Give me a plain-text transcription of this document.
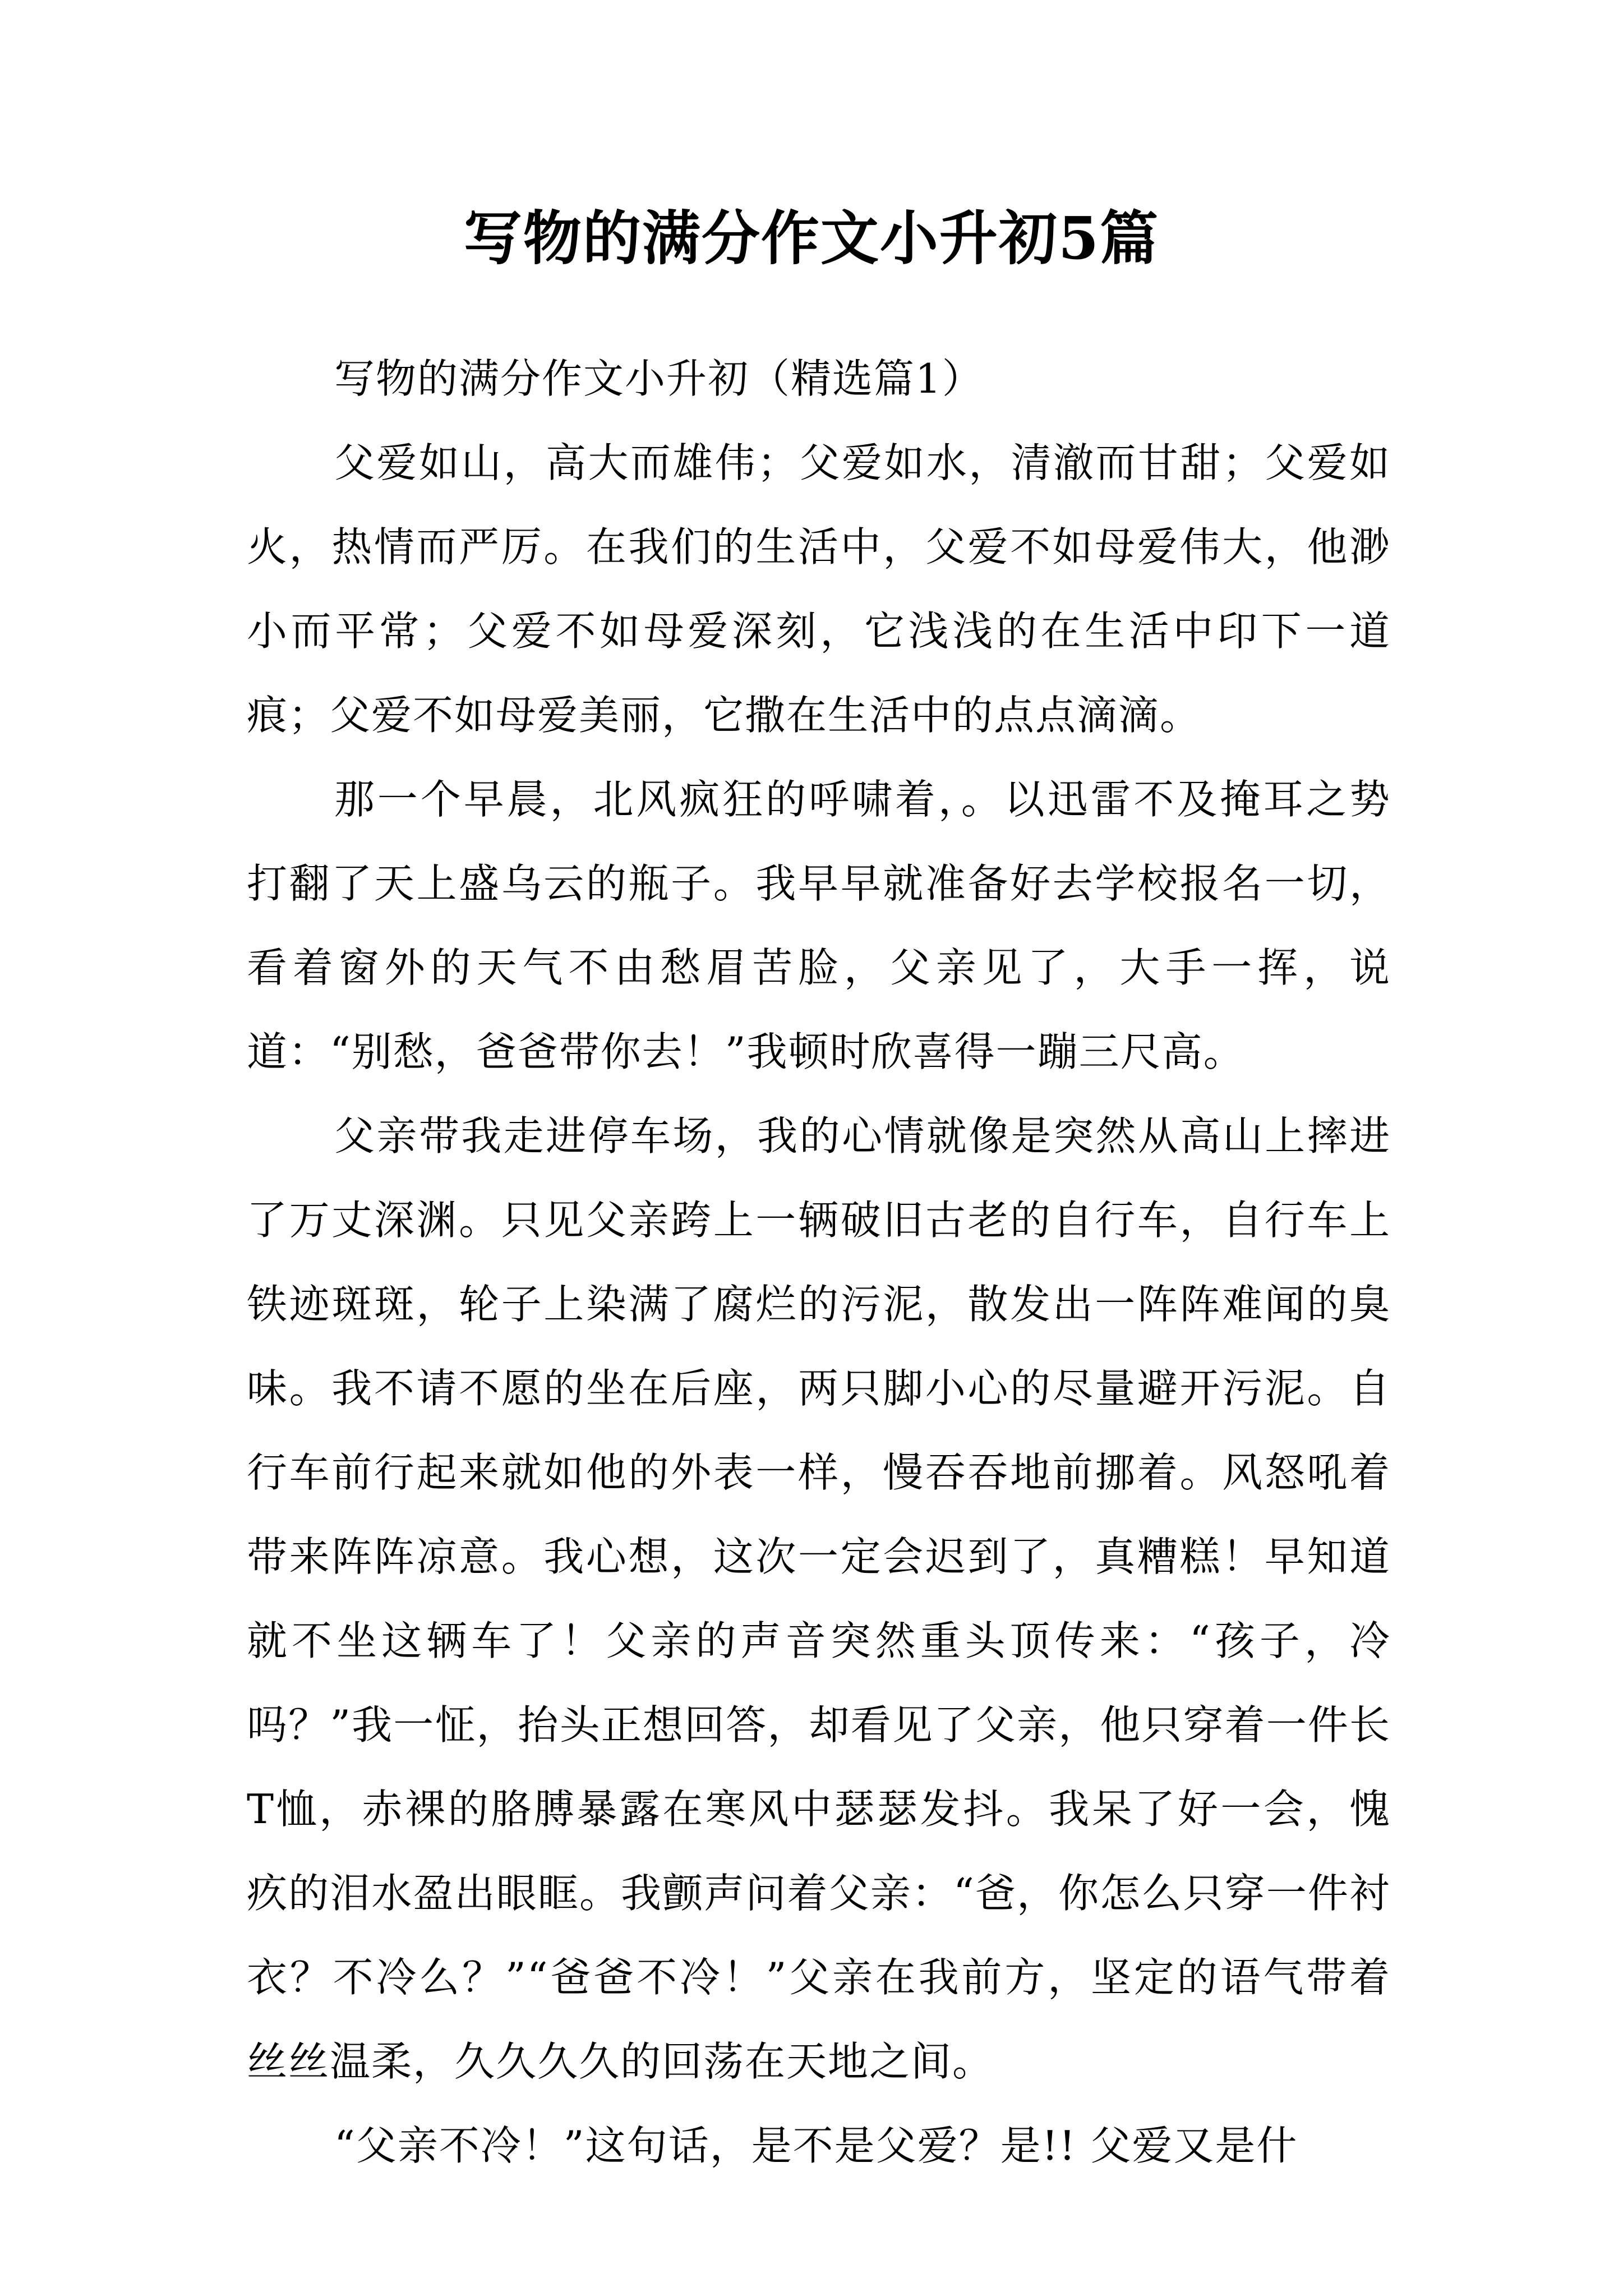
写物的满分作文小升初5篇

写物的满分作文小升初（精选篇1）

父爱如山，高大而雄伟；父爱如水，清澈而甘甜；父爱如火，热情而严厉。在我们的生活中，父爱不如母爱伟大，他渺小而平常；父爱不如母爱深刻，它浅浅的在生活中印下一道痕；父爱不如母爱美丽，它撒在生活中的点点滴滴。

那一个早晨，北风疯狂的呼啸着，。以迅雷不及掩耳之势打翻了天上盛乌云的瓶子。我早早就准备好去学校报名一切，看着窗外的天气不由愁眉苦脸，父亲见了，大手一挥，说道：“别愁，爸爸带你去！”我顿时欣喜得一蹦三尺高。

父亲带我走进停车场，我的心情就像是突然从高山上摔进了万丈深渊。只见父亲跨上一辆破旧古老的自行车，自行车上铁迹斑斑，轮子上染满了腐烂的污泥，散发出一阵阵难闻的臭味。我不请不愿的坐在后座，两只脚小心的尽量避开污泥。自行车前行起来就如他的外表一样，慢吞吞地前挪着。风怒吼着带来阵阵凉意。我心想，这次一定会迟到了，真糟糕！早知道就不坐这辆车了！父亲的声音突然重头顶传来：“孩子，冷吗？”我一怔，抬头正想回答，却看见了父亲，他只穿着一件长T恤，赤裸的胳膊暴露在寒风中瑟瑟发抖。我呆了好一会，愧疚的泪水盈出眼眶。我颤声问着父亲：“爸，你怎么只穿一件衬衣？不冷么？”“爸爸不冷！”父亲在我前方，坚定的语气带着丝丝温柔，久久久久的回荡在天地之间。

“父亲不冷！”这句话，是不是父爱？是!! 父爱又是什
